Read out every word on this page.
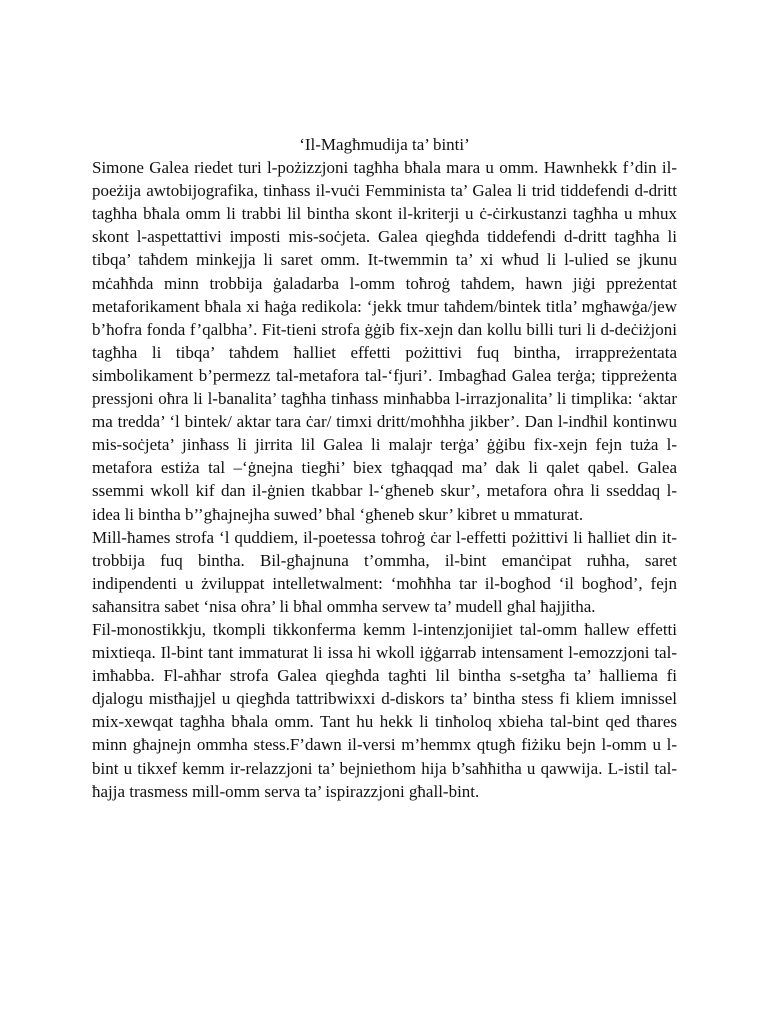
‘Il-Magħmudija ta’ binti’

Simone Galea riedet turi l-pożizzjoni tagħha bħala mara u omm. Hawnhekk f’din il-poeżija awtobijografika, tinħass il-vuċi Femminista ta’ Galea li trid tiddefendi d-dritt tagħha bħala omm li trabbi lil bintha skont il-kriterji u ċ-ċirkustanzi tagħha u mhux skont l-aspettattivi imposti mis-soċjeta. Galea qiegħda tiddefendi d-dritt tagħha li tibqa’ taħdem minkejja li saret omm. It-twemmin ta’ xi wħud li l-ulied se jkunu mċaħħda minn trobbija ġaladarba l-omm toħroġ taħdem, hawn jiġi ppreżentat metaforikament bħala xi ħaġa redikola: ‘jekk tmur taħdem/bintek titla’ mgħawġa/jew b’ħofra fonda f’qalbha’. Fit-tieni strofa ġġib fix-xejn dan kollu billi turi li d-deċiżjoni tagħha li tibqa’ taħdem ħalliet effetti pożittivi fuq bintha, irrappreżentata simbolikament b’permezz tal-metafora tal-‘fjuri’. Imbagħad Galea terġa; tippreżenta pressjoni oħra li l-banalita’ tagħha tinħass minħabba l-irrazjonalita’ li timplika: ‘aktar ma tredda’ ‘l bintek/ aktar tara ċar/ timxi dritt/moħħha jikber’. Dan l-indħil kontinwu mis-soċjeta’ jinħass li jirrita lil Galea li malajr terġa’ ġġibu fix-xejn fejn tuża l-metafora estiża tal –‘ġnejna tiegħi’ biex tgħaqqad ma’ dak li qalet qabel. Galea ssemmi wkoll kif dan il-ġnien tkabbar l-‘għeneb skur’, metafora oħra li sseddaq l-idea li bintha b’’għajnejha suwed’ bħal ‘għeneb skur’ kibret u mmaturat.

Mill-ħames strofa ‘l quddiem, il-poetessa toħroġ ċar l-effetti pożittivi li ħalliet din it-trobbija fuq bintha. Bil-għajnuna t’ommha, il-bint emanċipat ruħha, saret indipendenti u żviluppat intelletwalment: ‘moħħha tar il-bogħod ‘il bogħod’, fejn saħansitra sabet ‘nisa oħra’ li bħal ommha servew ta’ mudell għal ħajjitha.

Fil-monostikkju, tkompli tikkonferma kemm l-intenzjonijiet tal-omm ħallew effetti mixtieqa. Il-bint tant immaturat li issa hi wkoll iġġarrab intensament l-emozzjoni tal-imħabba. Fl-aħħar strofa Galea qiegħda tagħti lil bintha s-setgħa ta’ ħalliema fi djalogu mistħajjel u qiegħda tattribwixxi d-diskors ta’ bintha stess fi kliem imnissel mix-xewqat tagħha bħala omm. Tant hu hekk li tinħoloq xbieha tal-bint qed tħares minn għajnejn ommha stess.F’dawn il-versi m’hemmx qtugħ fiżiku bejn l-omm u l-bint u tikxef kemm ir-relazzjoni ta’ bejniethom hija b’saħħitha u qawwija. L-istil tal-ħajja trasmess mill-omm serva ta’ ispirazzjoni għall-bint.
